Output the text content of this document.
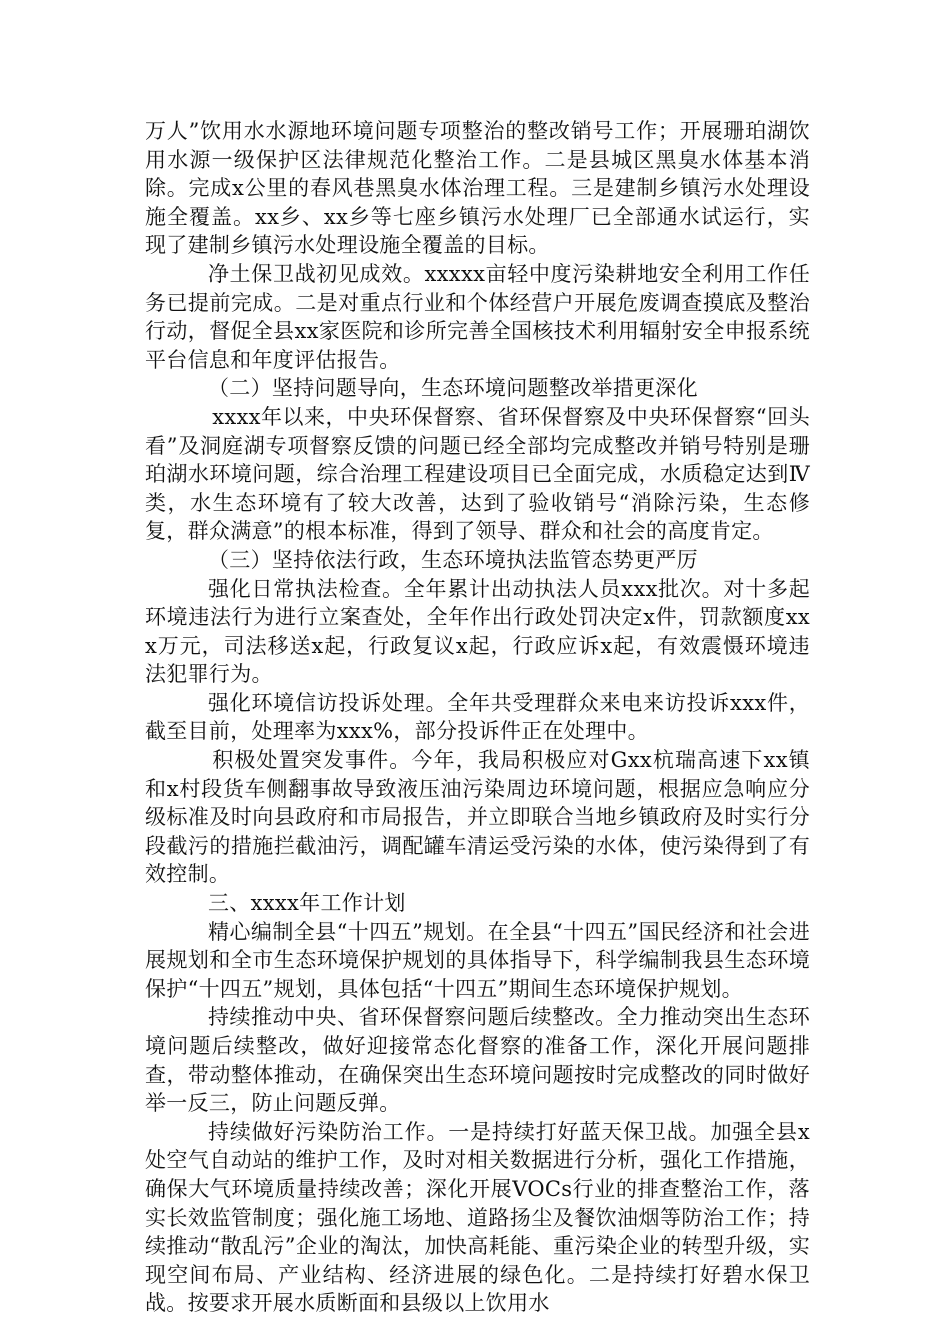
万人”饮用水水源地环境问题专项整治的整改销号工作；开展珊珀湖饮用水源一级保护区法律规范化整治工作。二是县城区黑臭水体基本消除。完成x公里的春风巷黑臭水体治理工程。三是建制乡镇污水处理设施全覆盖。xx乡、xx乡等七座乡镇污水处理厂已全部通水试运行，实现了建制乡镇污水处理设施全覆盖的目标。

净土保卫战初见成效。xxxxx亩轻中度污染耕地安全利用工作任务已提前完成。二是对重点行业和个体经营户开展危废调查摸底及整治行动，督促全县xx家医院和诊所完善全国核技术利用辐射安全申报系统平台信息和年度评估报告。

（二）坚持问题导向，生态环境问题整改举措更深化

xxxx年以来，中央环保督察、省环保督察及中央环保督察“回头看”及洞庭湖专项督察反馈的问题已经全部均完成整改并销号特别是珊珀湖水环境问题，综合治理工程建设项目已全面完成，水质稳定达到Ⅳ类，水生态环境有了较大改善，达到了验收销号“消除污染，生态修复，群众满意”的根本标准，得到了领导、群众和社会的高度肯定。

（三）坚持依法行政，生态环境执法监管态势更严厉

强化日常执法检查。全年累计出动执法人员xxx批次。对十多起环境违法行为进行立案查处，全年作出行政处罚决定x件，罚款额度xxx万元，司法移送x起，行政复议x起，行政应诉x起，有效震慑环境违法犯罪行为。

强化环境信访投诉处理。全年共受理群众来电来访投诉xxx件，截至目前，处理率为xxx%，部分投诉件正在处理中。

积极处置突发事件。今年，我局积极应对Gxx杭瑞高速下xx镇和x村段货车侧翻事故导致液压油污染周边环境问题，根据应急响应分级标准及时向县政府和市局报告，并立即联合当地乡镇政府及时实行分段截污的措施拦截油污，调配罐车清运受污染的水体，使污染得到了有效控制。

三、xxxx年工作计划

精心编制全县“十四五”规划。在全县“十四五”国民经济和社会进展规划和全市生态环境保护规划的具体指导下，科学编制我县生态环境保护“十四五”规划，具体包括“十四五”期间生态环境保护规划。

持续推动中央、省环保督察问题后续整改。全力推动突出生态环境问题后续整改，做好迎接常态化督察的准备工作，深化开展问题排查，带动整体推动，在确保突出生态环境问题按时完成整改的同时做好举一反三，防止问题反弹。

持续做好污染防治工作。一是持续打好蓝天保卫战。加强全县x处空气自动站的维护工作，及时对相关数据进行分析，强化工作措施，确保大气环境质量持续改善；深化开展VOCs行业的排查整治工作，落实长效监管制度；强化施工场地、道路扬尘及餐饮油烟等防治工作；持续推动“散乱污”企业的淘汰，加快高耗能、重污染企业的转型升级，实现空间布局、产业结构、经济进展的绿色化。二是持续打好碧水保卫战。按要求开展水质断面和县级以上饮用水
